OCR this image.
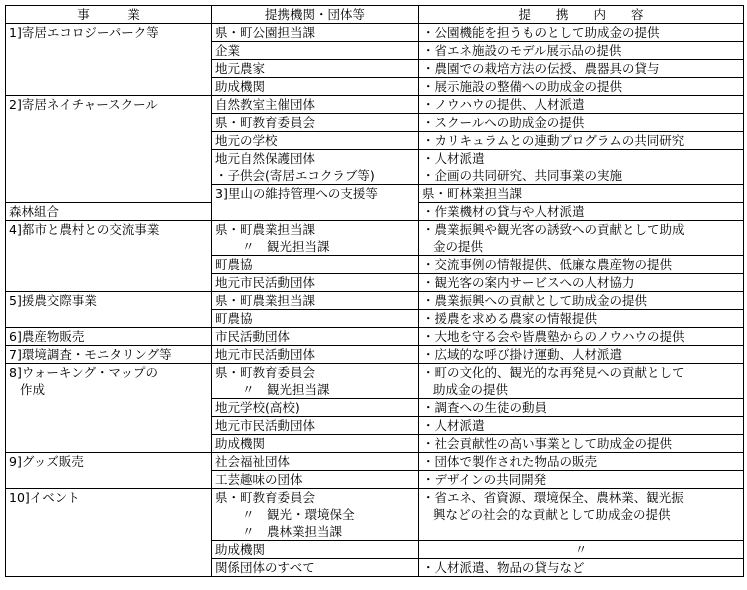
事　　　業	提携機関・団体等	提　　携　　内　　容	
1]寄居エコロジーパーク等	県・町公園担当課	・公園機能を担うものとして助成金の提供	
	企業	・省エネ施設のモデル展示品の提供	
	地元農家	・農園での栽培方法の伝授、農器具の貸与	
	助成機関	・展示施設の整備への助成金の提供	
2]寄居ネイチャースクール	自然教室主催団体	・ノウハウの提供、人材派遣	
	県・町教育委員会	・スクールへの助成金の提供	
	地元の学校	・カリキュラムとの連動プログラムの共同研究	
	地元自然保護団体	・人材派遣	
	・子供会(寄居エコクラブ等)	・企画の共同研究、共同事業の実施	
	3]里山の維持管理への支援等	県・町林業担当課	
森林組合		・作業機材の貸与や人材派遣	
4]都市と農村との交流事業	県・町農業担当課	・農業振興や観光客の誘致への貢献として助成	
	〃　観光担当課	金の提供	
	町農協	・交流事例の情報提供、低廉な農産物の提供	
	地元市民活動団体	・観光客の案内サービスへの人材協力	
5]援農交際事業	県・町農業担当課	・農業振興への貢献として助成金の提供	
	町農協	・援農を求める農家の情報提供	
6]農産物販売	市民活動団体	・大地を守る会や皆農塾からのノウハウの提供	
7]環境調査・モニタリング等	地元市民活動団体	・広域的な呼び掛け運動、人材派遣	
8]ウォーキング・マップの	県・町教育委員会	・町の文化的、観光的な再発見への貢献として	
作成	〃　観光担当課	助成金の提供	
	地元学校(高校)	・調査への生徒の動員	
	地元市民活動団体	・人材派遣	
	助成機関	・社会貢献性の高い事業として助成金の提供	
9]グッズ販売	社会福祉団体	・団体で製作された物品の販売	
	工芸趣味の団体	・デザインの共同開発	
10]イベント	県・町教育委員会	・省エネ、省資源、環境保全、農林業、観光振	
	〃　観光・環境保全	興などの社会的な貢献として助成金の提供	
	〃　農林業担当課		
	助成機関	〃	
	関係団体のすべて	・人材派遣、物品の貸与など	
